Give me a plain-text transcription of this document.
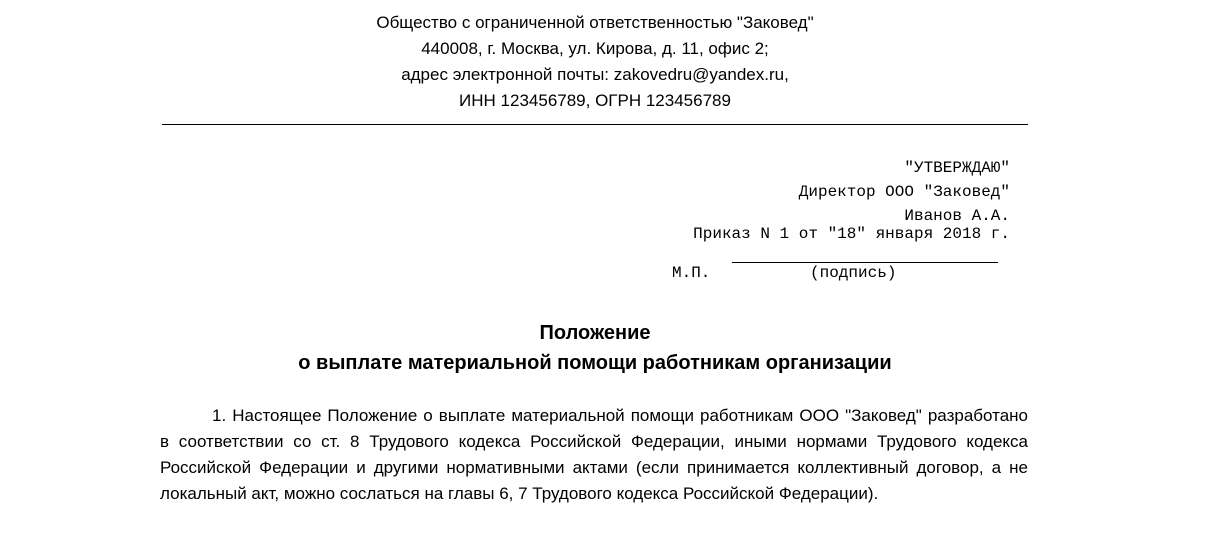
Общество с ограниченной ответственностью "Заковед"
440008, г. Москва, ул. Кирова, д. 11, офис 2;
адрес электронной почты: zakovedru@yandex.ru,
ИНН 123456789, ОГРН 123456789
"УТВЕРЖДАЮ"
Директор ООО "Заковед"
Иванов А.А.
Приказ N 1 от "18" января 2018 г.
М.П.	(подпись)
Положение
о выплате материальной помощи работникам организации

1. Настоящее Положение о выплате материальной помощи работникам ООО "Заковед" разработано в соответствии со ст. 8 Трудового кодекса Российской Федерации, иными нормами Трудового кодекса Российской Федерации и другими нормативными актами (если принимается коллективный договор, а не локальный акт, можно сослаться на главы 6, 7 Трудового кодекса Российской Федерации).
